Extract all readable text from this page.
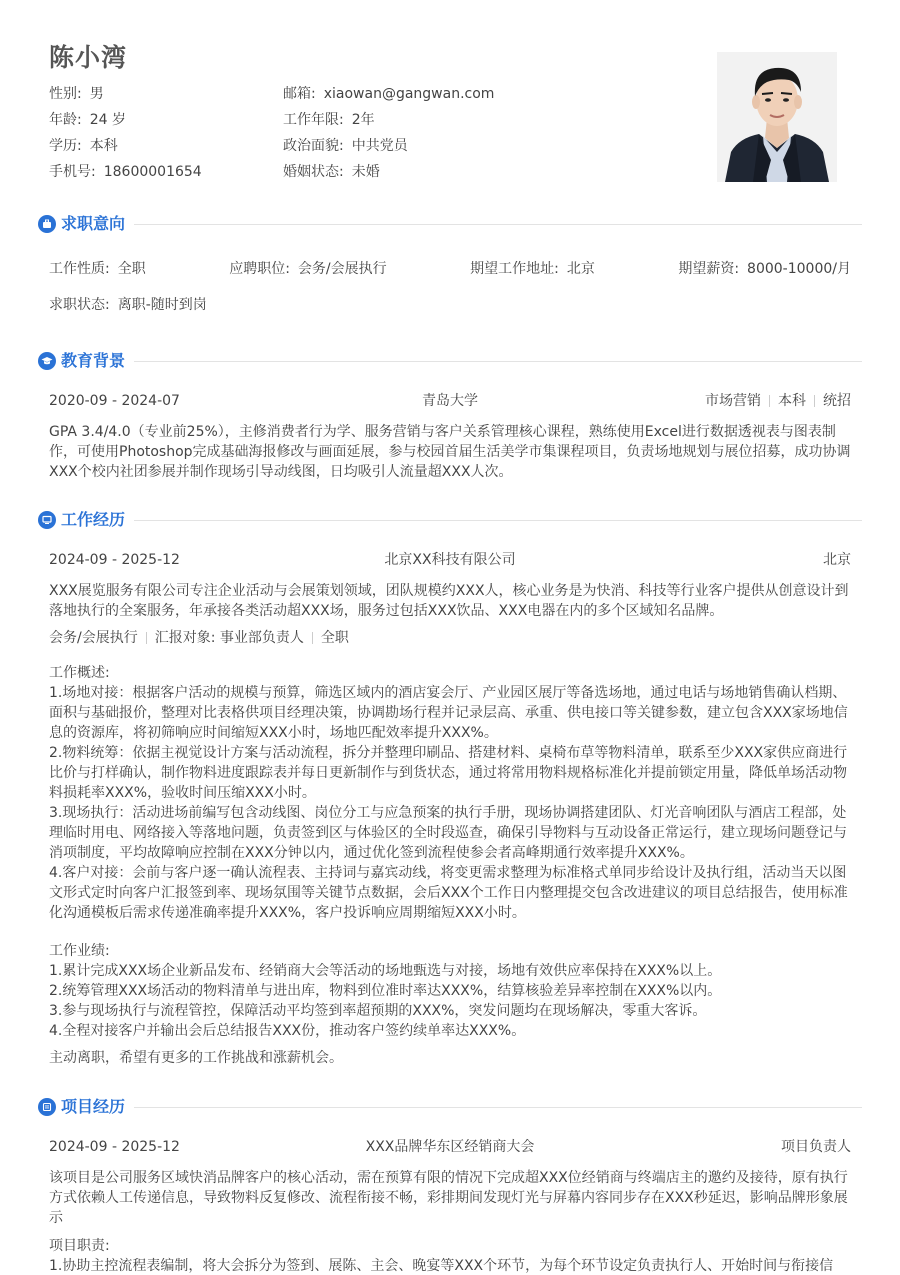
陈小湾
性别: 男	邮箱: xiaowan@gangwan.com
年龄: 24 岁	工作年限: 2年
学历: 本科	政治面貌: 中共党员
手机号: 18600001654	婚姻状态: 未婚
求职意向
工作性质: 全职	应聘职位: 会务/会展执行	期望工作地址: 北京	期望薪资: 8000-10000/月
求职状态: 离职-随时到岗
教育背景
2020-09 - 2024-07	青岛大学	市场营销 本科 统招
GPA 3.4/4.0（专业前25%），主修消费者行为学、服务营销与客户关系管理核心课程，熟练使用Excel进行数据透视表与图表制作，可使用Photoshop完成基础海报修改与画面延展，参与校园首届生活美学市集课程项目，负责场地规划与展位招募，成功协调XXX个校内社团参展并制作现场引导动线图，日均吸引人流量超XXX人次。
工作经历
2024-09 - 2025-12	北京XX科技有限公司	北京
XXX展览服务有限公司专注企业活动与会展策划领域，团队规模约XXX人，核心业务是为快消、科技等行业客户提供从创意设计到落地执行的全案服务，年承接各类活动超XXX场，服务过包括XXX饮品、XXX电器在内的多个区域知名品牌。
会务/会展执行 汇报对象: 事业部负责人 全职
工作概述:
1.场地对接：根据客户活动的规模与预算，筛选区域内的酒店宴会厅、产业园区展厅等备选场地，通过电话与场地销售确认档期、面积与基础报价，整理对比表格供项目经理决策，协调勘场行程并记录层高、承重、供电接口等关键参数，建立包含XXX家场地信息的资源库，将初筛响应时间缩短XXX小时，场地匹配效率提升XXX%。
2.物料统筹：依据主视觉设计方案与活动流程，拆分并整理印刷品、搭建材料、桌椅布草等物料清单，联系至少XXX家供应商进行比价与打样确认，制作物料进度跟踪表并每日更新制作与到货状态，通过将常用物料规格标准化并提前锁定用量，降低单场活动物料损耗率XXX%，验收时间压缩XXX小时。
3.现场执行：活动进场前编写包含动线图、岗位分工与应急预案的执行手册，现场协调搭建团队、灯光音响团队与酒店工程部，处理临时用电、网络接入等落地问题，负责签到区与体验区的全时段巡查，确保引导物料与互动设备正常运行，建立现场问题登记与消项制度，平均故障响应控制在XXX分钟以内，通过优化签到流程使参会者高峰期通行效率提升XXX%。
4.客户对接：会前与客户逐一确认流程表、主持词与嘉宾动线，将变更需求整理为标准格式单同步给设计及执行组，活动当天以图文形式定时向客户汇报签到率、现场氛围等关键节点数据，会后XXX个工作日内整理提交包含改进建议的项目总结报告，使用标准化沟通模板后需求传递准确率提升XXX%，客户投诉响应周期缩短XXX小时。
工作业绩:
1.累计完成XXX场企业新品发布、经销商大会等活动的场地甄选与对接，场地有效供应率保持在XXX%以上。
2.统筹管理XXX场活动的物料清单与进出库，物料到位准时率达XXX%，结算核验差异率控制在XXX%以内。
3.参与现场执行与流程管控，保障活动平均签到率超预期的XXX%，突发问题均在现场解决，零重大客诉。
4.全程对接客户并输出会后总结报告XXX份，推动客户签约续单率达XXX%。
主动离职，希望有更多的工作挑战和涨薪机会。
项目经历
2024-09 - 2025-12	XXX品牌华东区经销商大会	项目负责人
该项目是公司服务区域快消品牌客户的核心活动，需在预算有限的情况下完成超XXX位经销商与终端店主的邀约及接待，原有执行方式依赖人工传递信息，导致物料反复修改、流程衔接不畅，彩排期间发现灯光与屏幕内容同步存在XXX秒延迟，影响品牌形象展示
项目职责:
1.协助主控流程表编制，将大会拆分为签到、展陈、主会、晚宴等XXX个环节，为每个环节设定负责执行人、开始时间与衔接信
